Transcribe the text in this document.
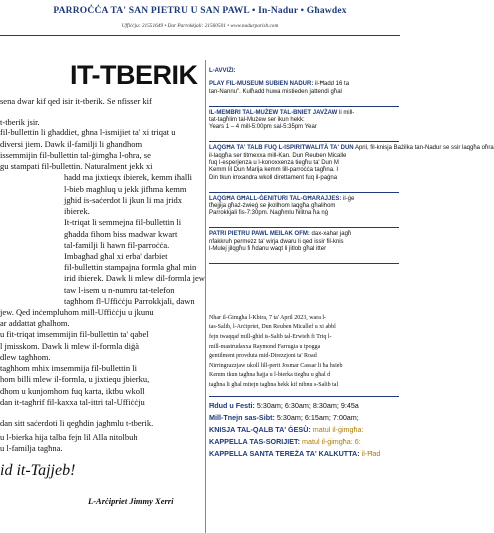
PARROĊĊA TA' SAN PIETRU U SAN PAWL • In-Nadur • Għawdex
Uffiċċju: 21551649 • Dar Parrokkjali: 21560501 • www.nadurparish.com
IT-TBERIK
sena dwar kif qed isir it-tberik. Se nfisser kif
t-tberik jsir.
fil-bullettin li għaddiet, għna l-ismijiet ta' xi triqat u
diversi jiem. Dawk il-familji li għandhom
issemmijin fil-bullettin tal-ġimgħa l-oħra, se
gu stampati fil-bullettin. Naturalment jekk xi
hadd ma jixtieqx ibierek, kemm iħalli
l-bieb magħluq u jekk jifhma kemm
jgħid is-saċerdot li jkun li ma jridx
ibierek.
It-triqat li semmejna fil-bullettin li
għadda fihom biss madwar kwart
tal-familji li hawn fil-parroċċa.
Imbagħad għal xi erba' darbiet
fil-bullettin stampajna formla għal min
irid ibierek. Dawk li mlew dil-formla jew
taw l-isem u n-numru tat-telefon
tagħhom fl-Uffiċċju Parrokkjali, dawn
jew. Qed inċempluhom mill-Uffiċċju u jkunu
ar addattat għalhom.
u fit-triqat imsemmijin fil-bullettin ta' qabel
l jmisskom. Dawk li mlew il-formla diġà
dlew tagħhom.
tagħhom mhix imsemmija fil-bullettin li
hom billi mlew il-formla, u jixtiequ jbierku,
dhom u kunjomhom fuq karta, iktbu wkoll
dan it-tagħrif fil-kaxxa tal-ittri tal-Uffiċċju
dan sitt saċerdoti li qegħdin jagħmlu t-tberik.
u l-bierka hija talba fejn lil Alla nitolbuh
u l-familja tagħna.
id it-Tajjeb!
L-Arċipriet Jimmy Xerri
L-AVVIŻI:
PLAY FIL-MUSEUM SUBIEN NADUR: il-Ħadd 16 ta
tan-Nannu". Kulħadd huwa mistieden jattendi għal
IL-MEMBRI TAL-MUŻEW TAL-BNIET JAVŻAW li mill-
tat-tagħlim tal-Mużew ser ikun hekk:
Years 1 – 4 mill-5:00pm sal-5:35pm Year
LAQGĦA TA' TALB FUQ L-ISPIRITWALITÀ TA' DUN April, fil-knisja Bażilka tan-Nadur se ssir laqgħa oħra
il-laqgħa ser titmexxa mill-Kan. Dun Reuben Micalle
fuq l-esperjenza u l-konoxxenza tiegħu ta' Dun M
Kemm lil Dun Marija kemm lill-parroċċa tagħna. I
Din tkun imxandra wkoll direttament fuq il-paġna
LAQGĦA GĦALL-ĠENITURI TAL-GĦARAJJES: il-ġe
tħejjija għaż-żwieġ se jkollhom laqgħa għalihom
Parrokkjali fis-7:30pm. Nagħmlu ħilitna ħa nġ
PATRI PIETRU PAWL MEILAK OFM: dax-xahar jagħ
nfakkruh permezz ta' wirja dwaru li qed issir fil-knis
l-Mulej jilqgħu fi ħdanu waqt li jitlob għal itter
Nhar il-Ġimgħa l-Kbira, 7 ta' April 2023, wara l-
tas-Salib, l-Arċipriet, Dun Reuben Micallef u xi abbl
fejn twaqqaf mill-għid is-Salib tal-Erwieħ fi Triq l-
mill-mastrudaxxa Raymond Farrugia u tpogga
ġentilment provduta mid-Direzzjoni ta' Road
Nirringrazzjaw ukoll lill-perit Josmar Cassar li ħa hsieb
Kemm tkun tagħna ħajja u l-bierka tiegħu u għal d
tagħna li għal mitejn tagħna hekk kif nibnu s-Salib tal
Ħdud u Festi: 5:30am; 6:30am; 8:30am; 9:45a
Mill-Tnejn sas-Sibt: 5:30am; 6:15am; 7:00am;
KNISJA TAL-QALB TA' ĠESÙ: matul il-ġimgħa:
KAPPELLA TAS-SORIJIET: matul il-ġimgħa: 6:
KAPPELLA SANTA TEREŻA TA' KALKUTTA: il-Ħad
